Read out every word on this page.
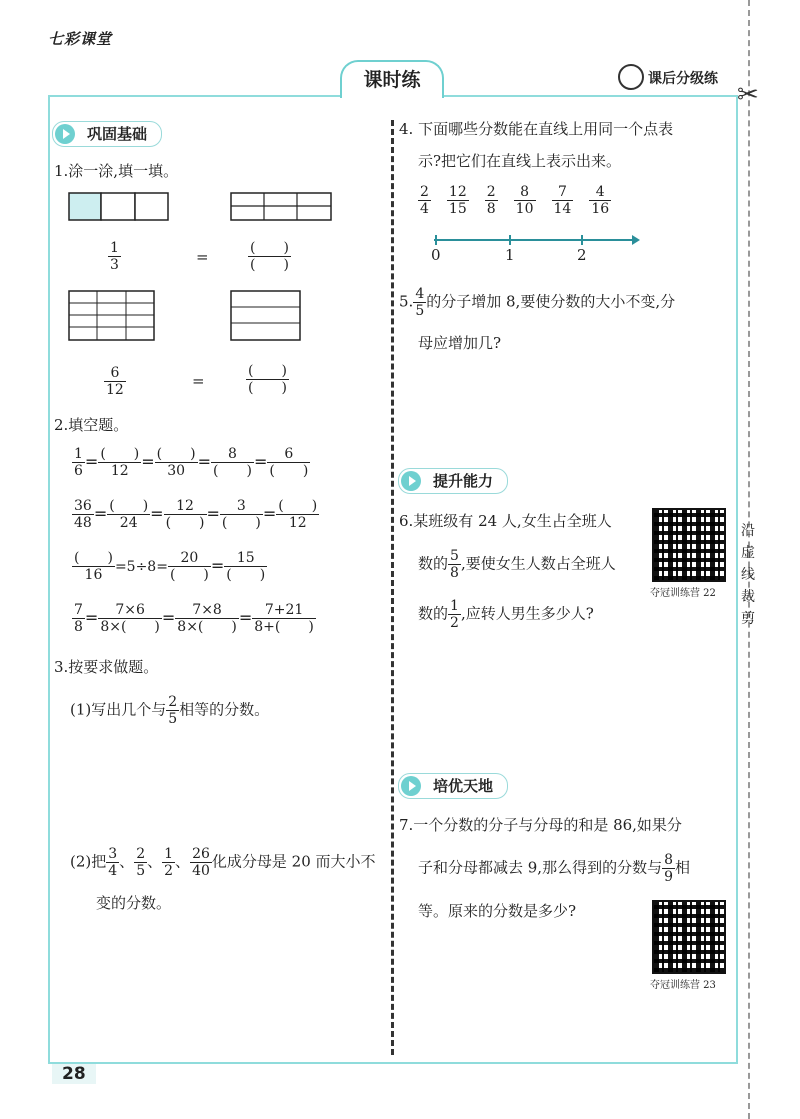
七彩课堂
✂
沿虚线裁剪
课时练	课后分级练
28
巩固基础
1.涂一涂,填一填。
$\frac{1}{3}$	=	$\frac{( )}{( )}$
$\frac{6}{12}$	=	$\frac{( )}{( )}$
2.填空题。
$\frac{1}{6} = \frac{( )}{12} = \frac{( )}{30} = \frac{8}{( )} = \frac{6}{( )}$
$\frac{36}{48} = \frac{( )}{24} = \frac{12}{( )} = \frac{3}{( )} = \frac{( )}{12}$
$\frac{( )}{16} =5\div 8= \frac{20}{( )} = \frac{15}{( )}$
$\frac{7}{8} = \frac{7\times 6}{8\times( )} = \frac{7\times 8}{8\times( )} = \frac{7+21}{8+( )}$
3.按要求做题。
(1)写出几个与 $\frac{2}{5}$ 相等的分数。
(2)把 $\frac{3}{4}$ 、 $\frac{2}{5}$ 、 $\frac{1}{2}$ 、 $\frac{26}{40}$ 化成分母是 20 而大小不
变的分数。
4. 下面哪些分数能在直线上用同一个点表
示?把它们在直线上表示出来。
$\frac{2}{4} \frac{12}{15} \frac{2}{8} \frac{8}{10} \frac{7}{14} \frac{4}{16}$
0	1	2
5. $\frac{4}{5}$ 的分子增加 8,要使分数的大小不变,分
母应增加几?
提升能力
6.某班级有 24 人,女生占全班人
数的 $\frac{5}{8}$ ,要使女生人数占全班人
数的 $\frac{1}{2}$ ,应转人男生多少人?
夺冠训练营 22
培优天地
7.一个分数的分子与分母的和是 86,如果分
子和分母都减去 9,那么得到的分数与 $\frac{8}{9}$ 相
等。原来的分数是多少?
夺冠训练营 23
